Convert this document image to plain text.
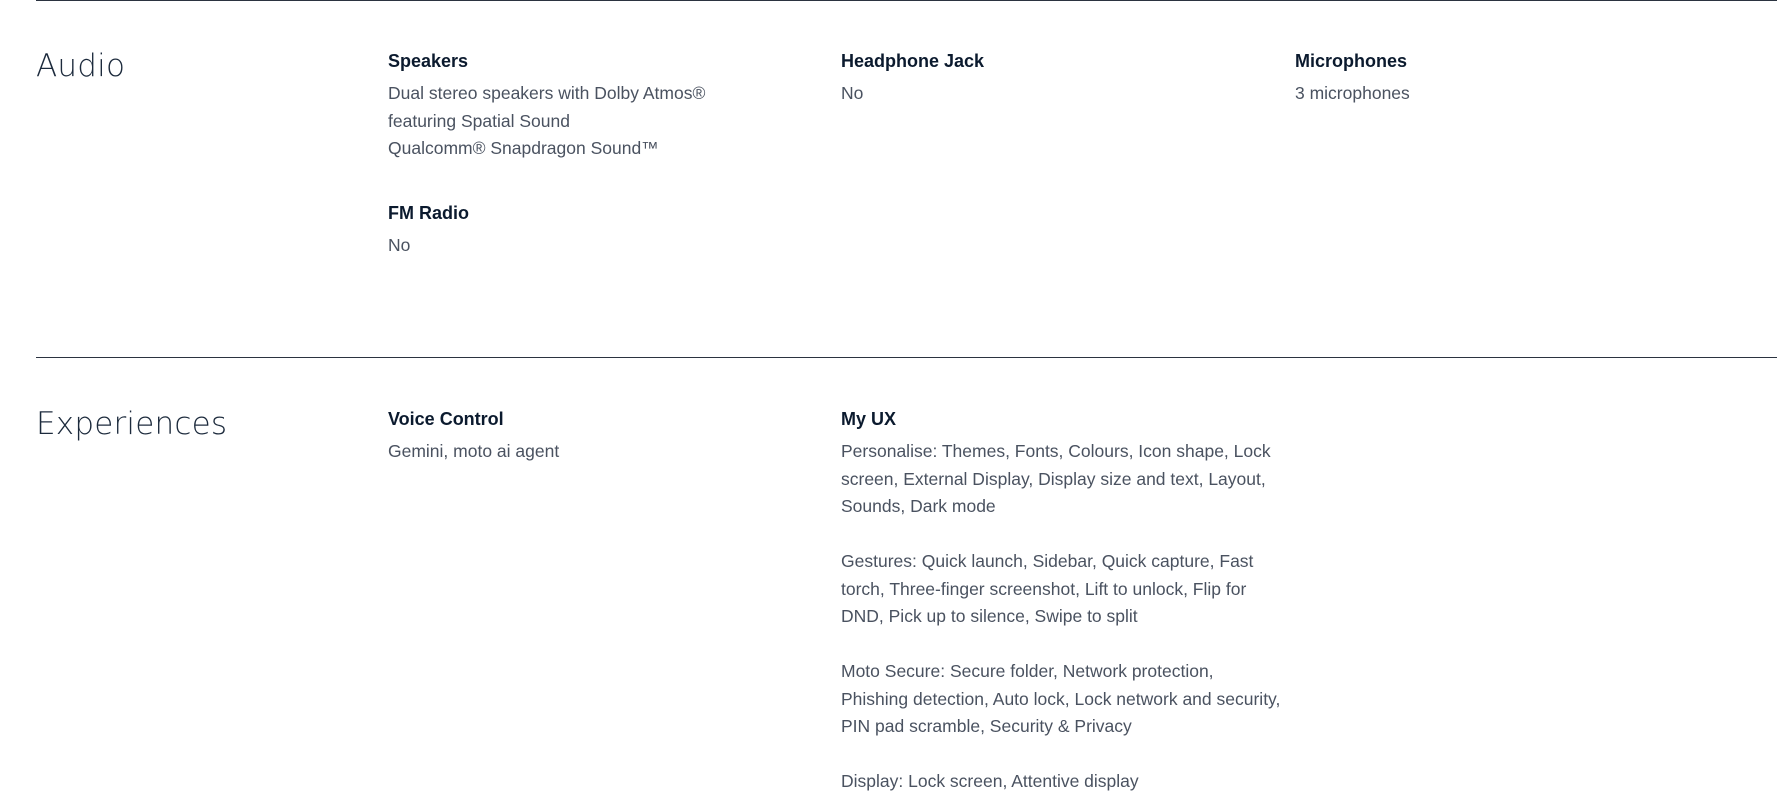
Audio	Speakers

Dual stereo speakers with Dolby Atmos®

featuring Spatial Sound

Qualcomm® Snapdragon Sound™

Headphone Jack
No
Microphones
3 microphones
FM Radio
No
Experiences	Voice Control
Gemini, moto ai agent
My UX

Personalise: Themes, Fonts, Colours, Icon shape, Lock screen, External Display, Display size and text, Layout, Sounds, Dark mode

Gestures: Quick launch, Sidebar, Quick capture, Fast torch, Three-finger screenshot, Lift to unlock, Flip for DND, Pick up to silence, Swipe to split

Moto Secure: Secure folder, Network protection, Phishing detection, Auto lock, Lock network and security, PIN pad scramble, Security & Privacy

Display: Lock screen, Attentive display
